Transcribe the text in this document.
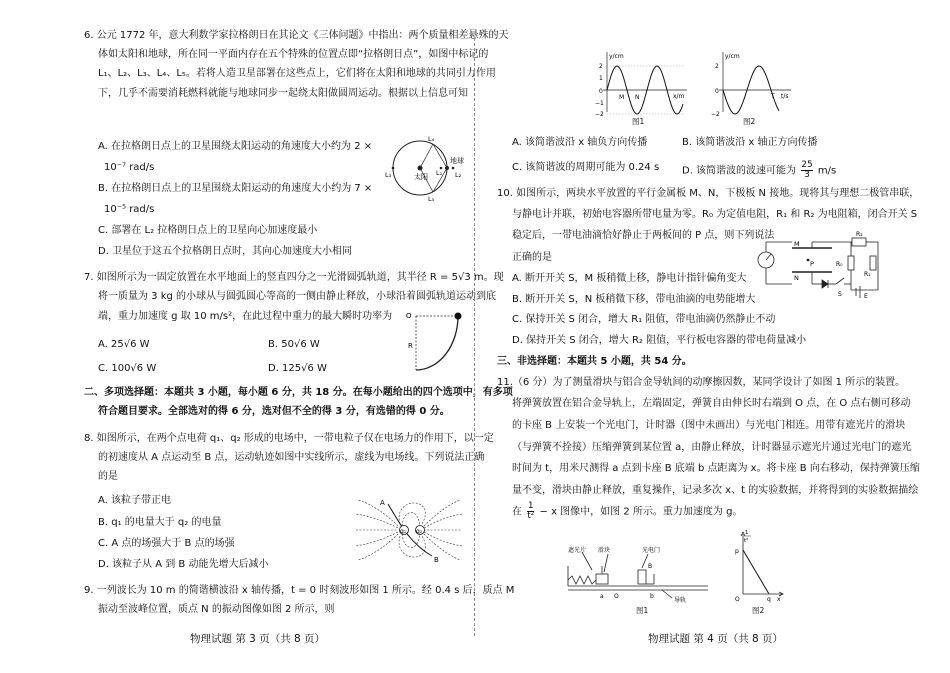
6. 公元 1772 年，意大利数学家拉格朗日在其论文《三体问题》中指出：两个质量相差悬殊的天
体如太阳和地球，所在同一平面内存在五个特殊的位置点即“拉格朗日点”，如图中标记的
L₁、L₂、L₃、L₄、L₅。若将人造卫星部署在这些点上，它们将在太阳和地球的共同引力作用
下，几乎不需要消耗燃料就能与地球同步一起绕太阳做圆周运动。根据以上信息可知
A. 在拉格朗日点上的卫星围绕太阳运动的角速度大小约为 2 ×
10⁻⁷ rad/s
B. 在拉格朗日点上的卫星围绕太阳运动的角速度大小约为 7 ×
10⁻⁵ rad/s
C. 部署在 L₂ 拉格朗日点上的卫星向心加速度最小
D. 卫星位于这五个拉格朗日点时，其向心加速度大小相同
太阳
地球
L₁ L₂
L₃
L₄
L₅
7. 如图所示为一固定放置在水平地面上的竖直四分之一光滑圆弧轨道，其半径 R = 5√3 m。现
将一质量为 3 kg 的小球从与圆弧圆心等高的一侧由静止释放，小球沿着圆弧轨道运动到底
端，重力加速度 g 取 10 m/s²，在此过程中重力的最大瞬时功率为
A. 25√6 W	B. 50√6 W
C. 100√6 W	D. 125√6 W
O
R
二、多项选择题：本题共 3 小题，每小题 6 分，共 18 分。在每小题给出的四个选项中，有多项
符合题目要求。全部选对的得 6 分，选对但不全的得 3 分，有选错的得 0 分。
8. 如图所示，在两个点电荷 q₁、q₂ 形成的电场中，一带电粒子仅在电场力的作用下，以一定
的初速度从 A 点运动至 B 点，运动轨迹如图中实线所示，虚线为电场线。下列说法正确
的是
A. 该粒子带正电
B. q₁ 的电量大于 q₂ 的电量
C. A 点的场强大于 B 点的场强
D. 该粒子从 A 到 B 动能先增大后减小
q₁ q₂
A
B
9. 一列波长为 10 m 的简谐横波沿 x 轴传播，t = 0 时刻波形如图 1 所示。经 0.4 s 后，质点 M
振动至波峰位置，质点 N 的振动图像如图 2 所示，则
物理试题 第 3 页（共 8 页）
y/cm
x/m
2
1
0
−1
−2
M N
图1
y/cm
t/s
2
0
−2
T
图2
A. 该简谐波沿 x 轴负方向传播	B. 该简谐波沿 x 轴正方向传播
C. 该简谐波的周期可能为 0.24 s D. 该简谐波的波速可能为 $\frac{25}{3} m/s$
10. 如图所示，两块水平放置的平行金属板 M、N，下极板 N 接地。现将其与理想二极管串联，
与静电计并联，初始电容器所带电量为零。R₀ 为定值电阻，R₁ 和 R₂ 为电阻箱，闭合开关 S
稳定后，一带电油滴恰好静止于两板间的 P 点，则下列说法
正确的是
A. 断开开关 S，M 板稍微上移，静电计指针偏角变大
B. 断开开关 S，N 板稍微下移，带电油滴的电势能增大
C. 保持开关 S 闭合，增大 R₁ 阻值，带电油滴仍然静止不动
D. 保持开关 S 闭合，增大 R₂ 阻值，平行板电容器的带电荷量减小
M
N
P	R₀
R₂
R₁
S	E
三、非选择题：本题共 5 小题，共 54 分。
11.（6 分）为了测量滑块与铝合金导轨间的动摩擦因数，某同学设计了如图 1 所示的装置。
将弹簧放置在铝合金导轨上，左端固定，弹簧自由伸长时右端到 O 点，在 O 点右侧可移动
的卡座 B 上安装一个光电门，计时器（图中未画出）与光电门相连。用带有遮光片的滑块
（与弹簧不拴接）压缩弹簧到某位置 a，由静止释放，计时器显示遮光片通过光电门的遮光
时间为 t，用米尺测得 a 点到卡座 B 底端 b 点距离为 x。将卡座 B 向右移动，保持弹簧压缩
量不变，滑块由静止释放，重复操作，记录多次 x、t 的实验数据，并将得到的实验数据描绘
在 $\frac{1}{\text{t²}} - x$ 图像中，如图 2 所示。重力加速度为 g。
遮光片 滑块	光电门
B
a O	b
导轨
图1
1
t²
p
O	q x
图2
物理试题 第 4 页（共 8 页）
